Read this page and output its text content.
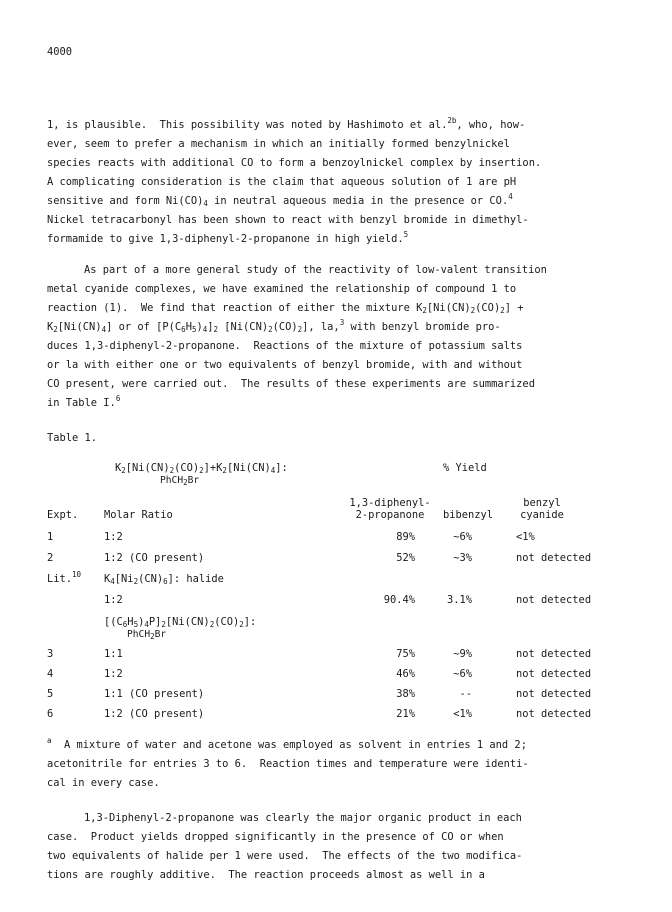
4000
1, is plausible.  This possibility was noted by Hashimoto et al.$^{2b}$, who, how-
ever, seem to prefer a mechanism in which an initially formed benzylnickel
species reacts with additional CO to form a benzoylnickel complex by insertion.
A complicating consideration is the claim that aqueous solution of 1 are pH
sensitive and form $Ni(CO)_4$ in neutral aqueous media in the presence or CO.$^4$
Nickel tetracarbonyl has been shown to react with benzyl bromide in dimethyl-
formamide to give 1,3-diphenyl-2-propanone in high yield.$^5$
As part of a more general study of the reactivity of low-valent transition
metal cyanide complexes, we have examined the relationship of compound 1 to
reaction (1).  We find that reaction of either the mixture $K_2[Ni(CN)_2(CO)_2]$ +
$K_2[Ni(CN)_4]$ or of $[P(C_6H_5)_4]_2$ $[Ni(CN)_2(CO)_2]$, la,$^3$ with benzyl bromide pro-
duces 1,3-diphenyl-2-propanone.  Reactions of the mixture of potassium salts
or la with either one or two equivalents of benzyl bromide, with and without
CO present, were carried out.  The results of these experiments are summarized
in Table I.$^6$
Table 1.
$K_2[Ni(CN)_2(CO)_2]+K_2[Ni(CN)_4]$:
PhCH$_2$Br
% Yield
1,3-diphenyl-	benzyl
Expt. Molar Ratio	2-propanone	bibenzyl	cyanide
1	1:2	89%	~6%	<1%
2	1:2 (CO present)	52%	~3%	not detected
Lit.$^{10}$ $K_4[Ni_2(CN)_6]$: halide
1:2	90.4%	3.1%	not detected
$[(C_6H_5)_4P]_2[Ni(CN)_2(CO)_2]$:
PhCH$_2$Br
3	1:1	75%	~9%	not detected
4	1:2	46%	~6%	not detected
5	1:1 (CO present)	38%	--	not detected
6	1:2 (CO present)	21%	<1%	not detected
$^a$  A mixture of water and acetone was employed as solvent in entries 1 and 2;
acetonitrile for entries 3 to 6.  Reaction times and temperature were identi-
cal in every case.
1,3-Diphenyl-2-propanone was clearly the major organic product in each
case.  Product yields dropped significantly in the presence of CO or when
two equivalents of halide per 1 were used.  The effects of the two modifica-
tions are roughly additive.  The reaction proceeds almost as well in a
